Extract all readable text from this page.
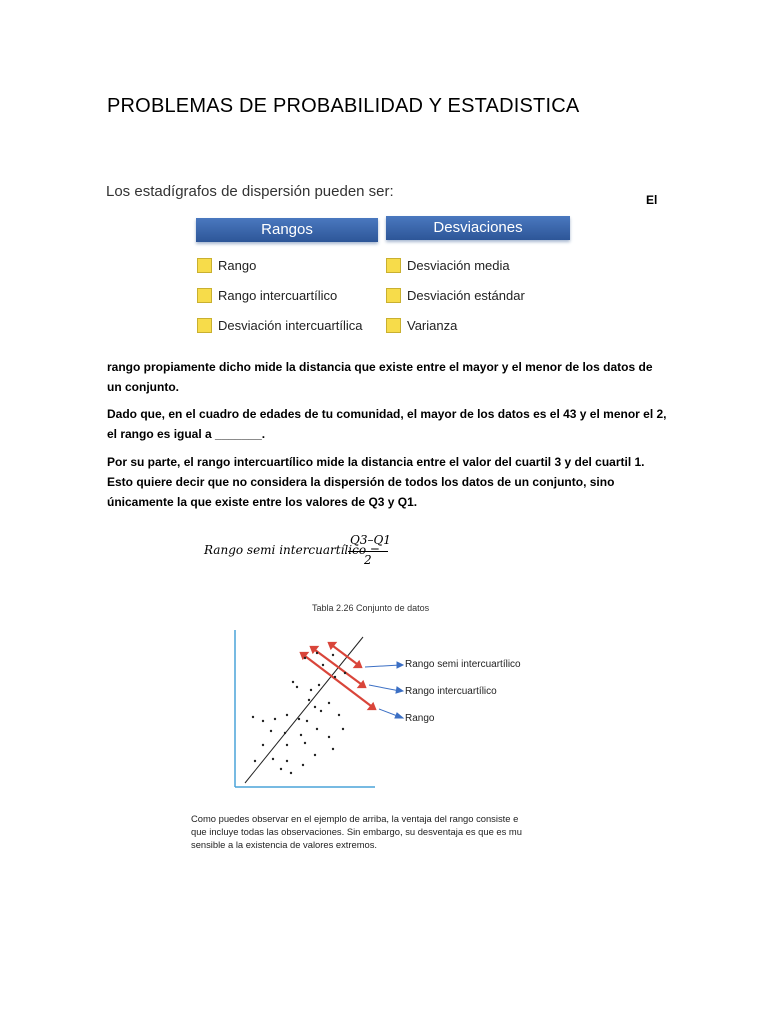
PROBLEMAS DE PROBABILIDAD Y ESTADISTICA
Los estadígrafos de dispersión pueden ser:	El
Rangos	Desviaciones
Rango
Rango intercuartílico
Desviación intercuartílica
Desviación media
Desviación estándar
Varianza

rango propiamente dicho mide la distancia que existe entre el mayor y el menor de los datos de un conjunto.

Dado que, en el cuadro de edades de tu comunidad, el mayor de los datos es el 43 y el menor el 2, el rango es igual a _______.

Por su parte, el rango intercuartílico mide la distancia entre el valor del cuartil 3 y del cuartil 1. Esto quiere decir que no considera la dispersión de todos los datos de un conjunto, sino únicamente la que existe entre los valores de Q3 y Q1.

Rango semi intercuartílico =
Q3–Q1
2
Tabla 2.26 Conjunto de datos
Rango semi intercuartílico
Rango intercuartílico
Rango
Como puedes observar en el ejemplo de arriba, la ventaja del rango consiste e
que incluye todas las observaciones. Sin embargo, su desventaja es que es mu
sensible a la existencia de valores extremos.
